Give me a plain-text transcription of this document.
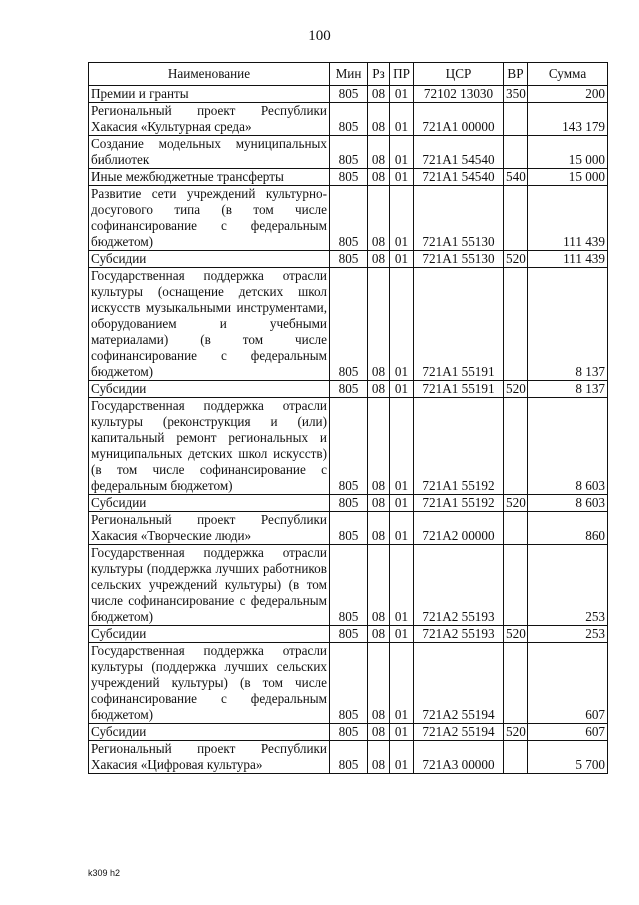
100
Наименование	Мин	Рз	ПР	ЦСР	ВР	Сумма
Премии и гранты	805	08	01	72102 13030	350	200
Региональный проект Республики Хакасия «Культурная среда»	805	08	01	721А1 00000		143 179
Создание модельных муниципальных библиотек	805	08	01	721А1 54540		15 000
Иные межбюджетные трансферты	805	08	01	721А1 54540	540	15 000
Развитие сети учреждений культурно-досугового типа (в том числе софинансирование с федеральным бюджетом)	805	08	01	721А1 55130		111 439
Субсидии	805	08	01	721А1 55130	520	111 439
Государственная поддержка отрасли культуры (оснащение детских школ искусств музыкальными инструментами, оборудованием и учебными материалами) (в том числе софинансирование с федеральным бюджетом)	805	08	01	721А1 55191		8 137
Субсидии	805	08	01	721А1 55191	520	8 137
Государственная поддержка отрасли культуры (реконструкция и (или) капитальный ремонт региональных и муниципальных детских школ искусств) (в том числе софинансирование с федеральным бюджетом)	805	08	01	721А1 55192		8 603
Субсидии	805	08	01	721А1 55192	520	8 603
Региональный проект Республики Хакасия «Творческие люди»	805	08	01	721А2 00000		860
Государственная поддержка отрасли культуры (поддержка лучших работников сельских учреждений культуры) (в том числе софинансирование с федеральным бюджетом)	805	08	01	721А2 55193		253
Субсидии	805	08	01	721А2 55193	520	253
Государственная поддержка отрасли культуры (поддержка лучших сельских учреждений культуры) (в том числе софинансирование с федеральным бюджетом)	805	08	01	721А2 55194		607
Субсидии	805	08	01	721А2 55194	520	607
Региональный проект Республики Хакасия «Цифровая культура»	805	08	01	721А3 00000		5 700
k309 h2
